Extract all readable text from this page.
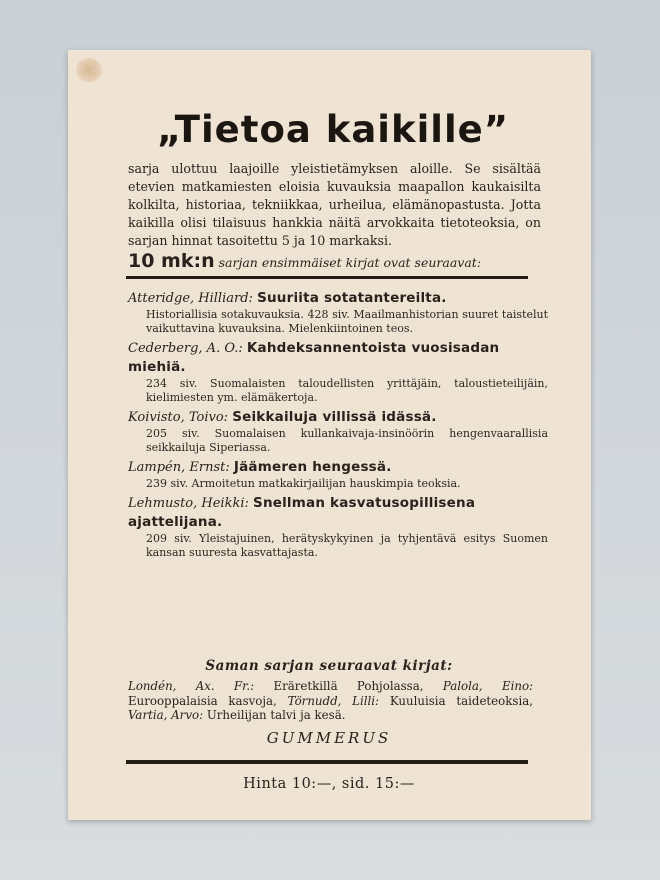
„Tietoa kaikille”
sarja ulottuu laajoille yleistietämyksen aloille. Se sisältää etevien matkamiesten eloisia kuvauksia maapallon kaukaisilta kolkilta, historiaa, tekniikkaa, urheilua, elämänopastusta. Jotta kaikilla olisi tilaisuus hankkia näitä arvokkaita tietoteoksia, on sarjan hinnat tasoitettu 5 ja 10 markaksi.
10 mk:n sarjan ensimmäiset kirjat ovat seuraavat:
Atteridge, Hilliard: Suuriita sotatantereilta.
Historiallisia sotakuvauksia. 428 siv. Maailmanhistorian suuret taistelut vaikuttavina kuvauksina. Mielenkiintoinen teos.
Cederberg, A. O.: Kahdeksannentoista vuosisadan miehiä.
234 siv. Suomalaisten taloudellisten yrittäjäin, taloustieteilijäin, kielimiesten ym. elämäkertoja.
Koivisto, Toivo: Seikkailuja villissä idässä.
205 siv. Suomalaisen kullankaivaja-insinöörin hengenvaarallisia seikkailuja Siperiassa.
Lampén, Ernst: Jäämeren hengessä.
239 siv. Armoitetun matkakirjailijan hauskimpia teoksia.
Lehmusto, Heikki: Snellman kasvatusopillisena ajattelijana.
209 siv. Yleistajuinen, herätyskykyinen ja tyhjentävä esitys Suomen kansan suuresta kasvattajasta.
Saman sarjan seuraavat kirjat:
Londén, Ax. Fr.: Eräretkillä Pohjolassa, Palola, Eino: Eurooppalaisia kasvoja, Törnudd, Lilli: Kuuluisia taideteoksia, Vartia, Arvo: Urheilijan talvi ja kesä.
GUMMERUS
Hinta 10:—, sid. 15:—
